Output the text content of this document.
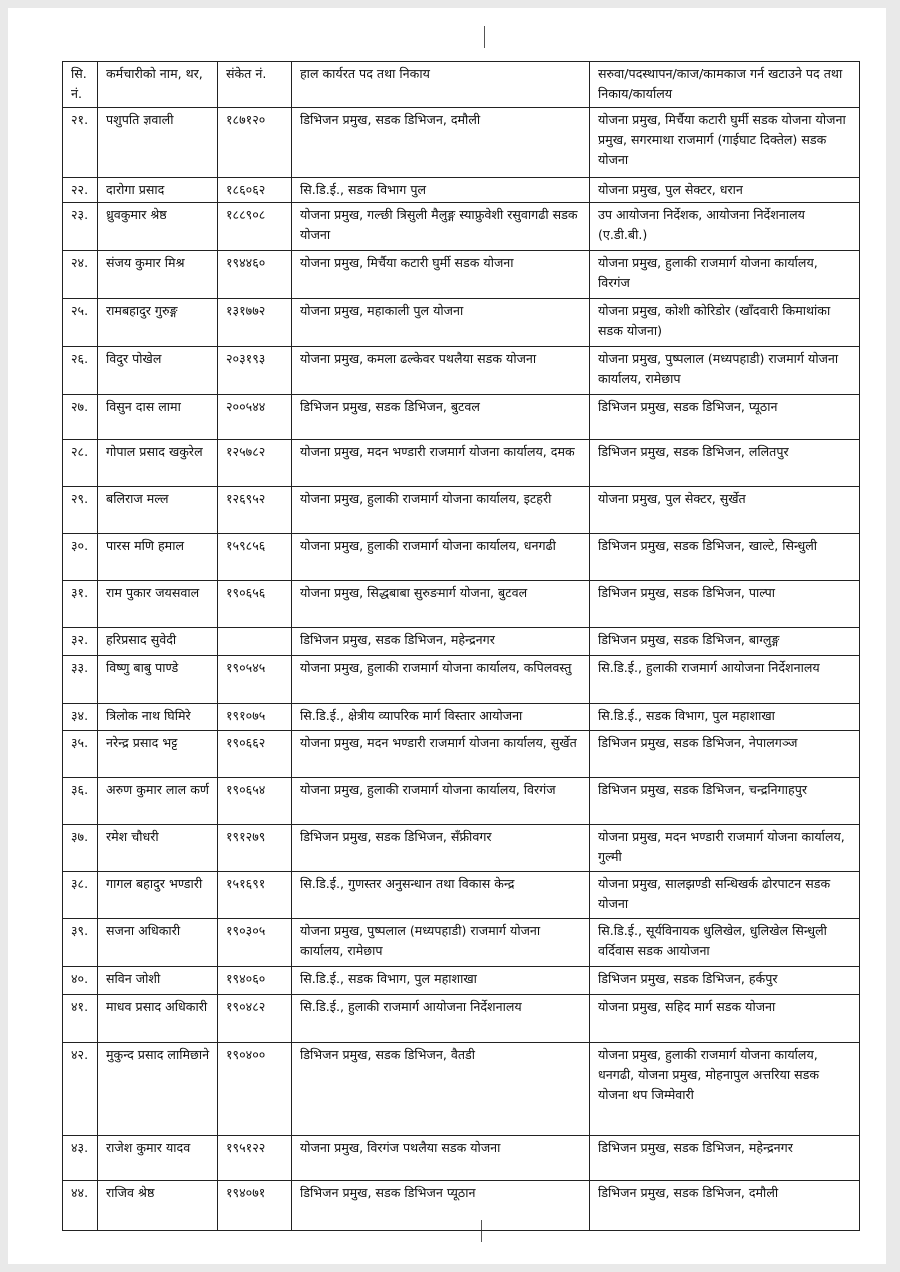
सि. नं.	कर्मचारीको नाम, थर,	संकेत नं.	हाल कार्यरत पद तथा निकाय	सरुवा/पदस्थापन/काज/कामकाज गर्न खटाउने पद तथा निकाय/कार्यालय
२१.	पशुपति ज्ञवाली	१८७१२०	डिभिजन प्रमुख, सडक डिभिजन, दमौली	योजना प्रमुख, मिर्चैया कटारी घुर्मी सडक योजना योजना प्रमुख, सगरमाथा राजमार्ग (गाईघाट दिक्तेल) सडक योजना
२२.	दारोगा प्रसाद	१८६०६२	सि.डि.ई., सडक विभाग पुल	योजना प्रमुख, पुल सेक्टर, धरान
२३.	ध्रुवकुमार श्रेष्ठ	१८८९०८	योजना प्रमुख, गल्छी त्रिसुली मैलुङ्ग स्याफ्रुवेशी रसुवागढी सडक योजना	उप आयोजना निर्देशक, आयोजना निर्देशनालय (ए.डी.बी.)
२४.	संजय कुमार मिश्र	१९४४६०	योजना प्रमुख, मिर्चैया कटारी घुर्मी सडक योजना	योजना प्रमुख, हुलाकी राजमार्ग योजना कार्यालय, विरगंज
२५.	रामबहादुर गुरुङ्ग	१३१७७२	योजना प्रमुख, महाकाली पुल योजना	योजना प्रमुख, कोशी कोरिडोर (खाँदवारी किमाथांका सडक योजना)
२६.	विदुर पोखेल	२०३१९३	योजना प्रमुख, कमला ढल्केवर पथलैया सडक योजना	योजना प्रमुख, पुष्पलाल (मध्यपहाडी) राजमार्ग योजना कार्यालय, रामेछाप
२७.	विसुन दास लामा	२००५४४	डिभिजन प्रमुख, सडक डिभिजन, बुटवल	डिभिजन प्रमुख, सडक डिभिजन, प्यूठान
२८.	गोपाल प्रसाद खकुरेल	१२५७८२	योजना प्रमुख, मदन भण्डारी राजमार्ग योजना कार्यालय, दमक	डिभिजन प्रमुख, सडक डिभिजन, ललितपुर
२९.	बलिराज मल्ल	१२६९५२	योजना प्रमुख, हुलाकी राजमार्ग योजना कार्यालय, इटहरी	योजना प्रमुख, पुल सेक्टर, सुर्खेत
३०.	पारस मणि हमाल	१५९८५६	योजना प्रमुख, हुलाकी राजमार्ग योजना कार्यालय, धनगढी	डिभिजन प्रमुख, सडक डिभिजन, खाल्टे, सिन्धुली
३१.	राम पुकार जयसवाल	१९०६५६	योजना प्रमुख, सिद्धबाबा सुरुङमार्ग योजना, बुटवल	डिभिजन प्रमुख, सडक डिभिजन, पाल्पा
३२.	हरिप्रसाद सुवेदी		डिभिजन प्रमुख, सडक डिभिजन, महेन्द्रनगर	डिभिजन प्रमुख, सडक डिभिजन, बाग्लुङ्ग
३३.	विष्णु बाबु पाण्डे	१९०५४५	योजना प्रमुख, हुलाकी राजमार्ग योजना कार्यालय, कपिलवस्तु	सि.डि.ई., हुलाकी राजमार्ग आयोजना निर्देशनालय
३४.	त्रिलोक नाथ घिमिरे	१९१०७५	सि.डि.ई., क्षेत्रीय व्यापरिक मार्ग विस्तार आयोजना	सि.डि.ई., सडक विभाग, पुल महाशाखा
३५.	नरेन्द्र प्रसाद भट्ट	१९०६६२	योजना प्रमुख, मदन भण्डारी राजमार्ग योजना कार्यालय, सुर्खेत	डिभिजन प्रमुख, सडक डिभिजन, नेपालगञ्ज
३६.	अरुण कुमार लाल कर्ण	१९०६५४	योजना प्रमुख, हुलाकी राजमार्ग योजना कार्यालय, विरगंज	डिभिजन प्रमुख, सडक डिभिजन, चन्द्रनिगाहपुर
३७.	रमेश चौधरी	१९१२७९	डिभिजन प्रमुख, सडक डिभिजन, सँफ्रीवगर	योजना प्रमुख, मदन भण्डारी राजमार्ग योजना कार्यालय, गुल्मी
३८.	गागल बहादुर भण्डारी	१५१६९१	सि.डि.ई., गुणस्तर अनुसन्धान तथा विकास केन्द्र	योजना प्रमुख, सालझण्डी सन्धिखर्क ढोरपाटन सडक योजना
३९.	सजना अधिकारी	१९०३०५	योजना प्रमुख, पुष्पलाल (मध्यपहाडी) राजमार्ग योजना कार्यालय, रामेछाप	सि.डि.ई., सूर्यविनायक धुलिखेल, धुलिखेल सिन्धुली वर्दिवास सडक आयोजना
४०.	सविन जोशी	१९४०६०	सि.डि.ई., सडक विभाग, पुल महाशाखा	डिभिजन प्रमुख, सडक डिभिजन, हर्कपुर
४१.	माधव प्रसाद अधिकारी	१९०४८२	सि.डि.ई., हुलाकी राजमार्ग आयोजना निर्देशनालय	योजना प्रमुख, सहिद मार्ग सडक योजना
४२.	मुकुन्द प्रसाद लामिछाने	१९०४००	डिभिजन प्रमुख, सडक डिभिजन, वैतडी	योजना प्रमुख, हुलाकी राजमार्ग योजना कार्यालय, धनगढी, योजना प्रमुख, मोहनापुल अत्तरिया सडक योजना थप जिम्मेवारी
४३.	राजेश कुमार यादव	१९५१२२	योजना प्रमुख, विरगंज पथलैया सडक योजना	डिभिजन प्रमुख, सडक डिभिजन, महेन्द्रनगर
४४.	राजिव श्रेष्ठ	१९४०७१	डिभिजन प्रमुख, सडक डिभिजन प्यूठान	डिभिजन प्रमुख, सडक डिभिजन, दमौली
